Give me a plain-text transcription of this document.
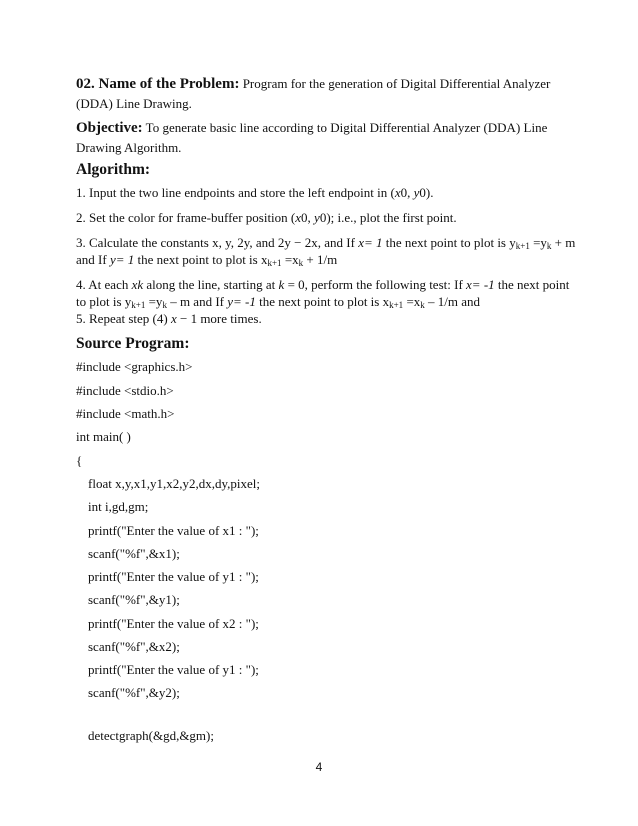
02. Name of the Problem: Program for the generation of Digital Differential Analyzer
(DDA) Line Drawing.
Objective: To generate basic line according to Digital Differential Analyzer (DDA) Line
Drawing Algorithm.
Algorithm:
1. Input the two line endpoints and store the left endpoint in (x0, y0).
2. Set the color for frame-buffer position (x0, y0); i.e., plot the first point.
3. Calculate the constants x, y, 2y, and 2y − 2x, and If x= 1 the next point to plot is $y_{k+1} =y_k + m$
and If y= 1 the next point to plot is $x_{k+1} =x_k + 1/m$
4. At each xk along the line, starting at k = 0, perform the following test: If x= -1 the next point
to plot is $y_{k+1} =y_k - m$ and If y= -1 the next point to plot is $x_{k+1} =x_k - 1/m$ and
5. Repeat step (4) x − 1 more times.
Source Program:
#include <graphics.h>
#include <stdio.h>
#include <math.h>
int main( )
{
float x,y,x1,y1,x2,y2,dx,dy,pixel;
int i,gd,gm;
printf("Enter the value of x1 : ");
scanf("%f",&x1);
printf("Enter the value of y1 : ");
scanf("%f",&y1);
printf("Enter the value of x2 : ");
scanf("%f",&x2);
printf("Enter the value of y1 : ");
scanf("%f",&y2);
detectgraph(&gd,&gm);
4
